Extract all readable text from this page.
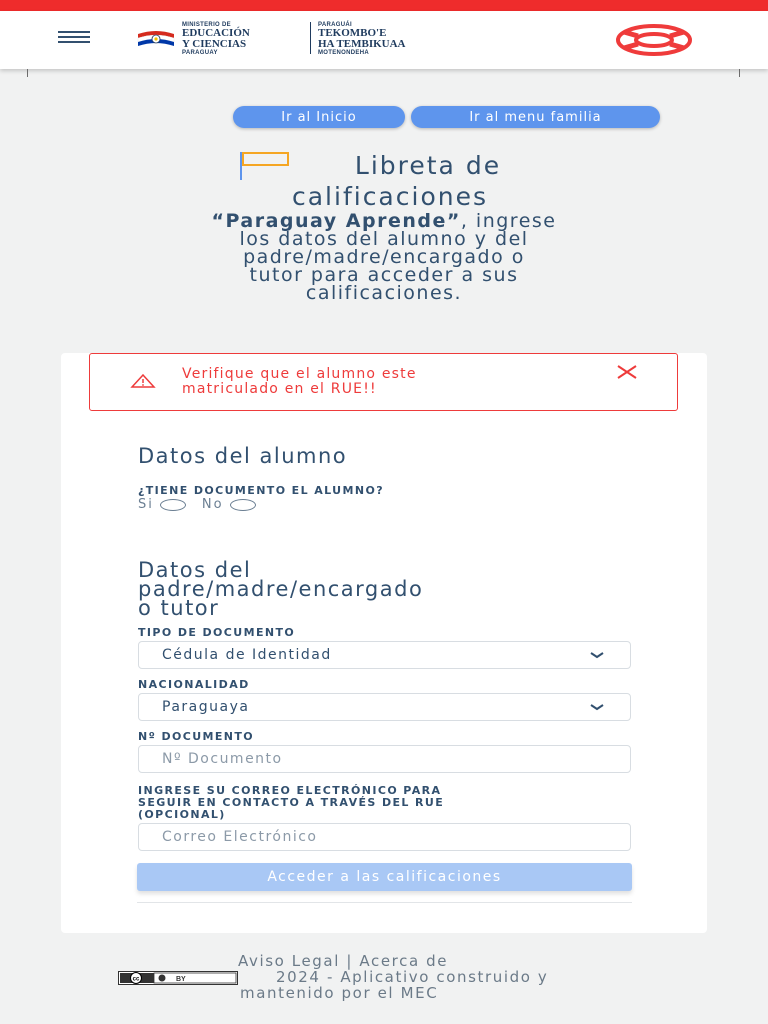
MINISTERIO DE
EDUCACIÓN
Y CIENCIAS
PARAGUAY
PARAGUÁI
TEKOMBO'E
HA TEMBIKUAA
MOTENONDEHA
Ir al Inicio	Ir al menu familia
Libreta de
calificaciones
“Paraguay Aprende”, ingrese
los datos del alumno y del
padre/madre/encargado o
tutor para acceder a sus
calificaciones.
Verifique que el alumno este
matriculado en el RUE!!
Datos del alumno
¿TIENE DOCUMENTO EL ALUMNO?
Si	No
Datos del
padre/madre/encargado
o tutor
TIPO DE DOCUMENTO
Cédula de Identidad
NACIONALIDAD
Paraguaya
Nº DOCUMENTO
Nº Documento
INGRESE SU CORREO ELECTRÓNICO PARA
SEGUIR EN CONTACTO A TRAVÉS DEL RUE
(OPCIONAL)
Correo Electrónico
Acceder a las calificaciones
cc	BY
Aviso Legal | Acerca de
2024 - Aplicativo construido y
mantenido por el MEC
